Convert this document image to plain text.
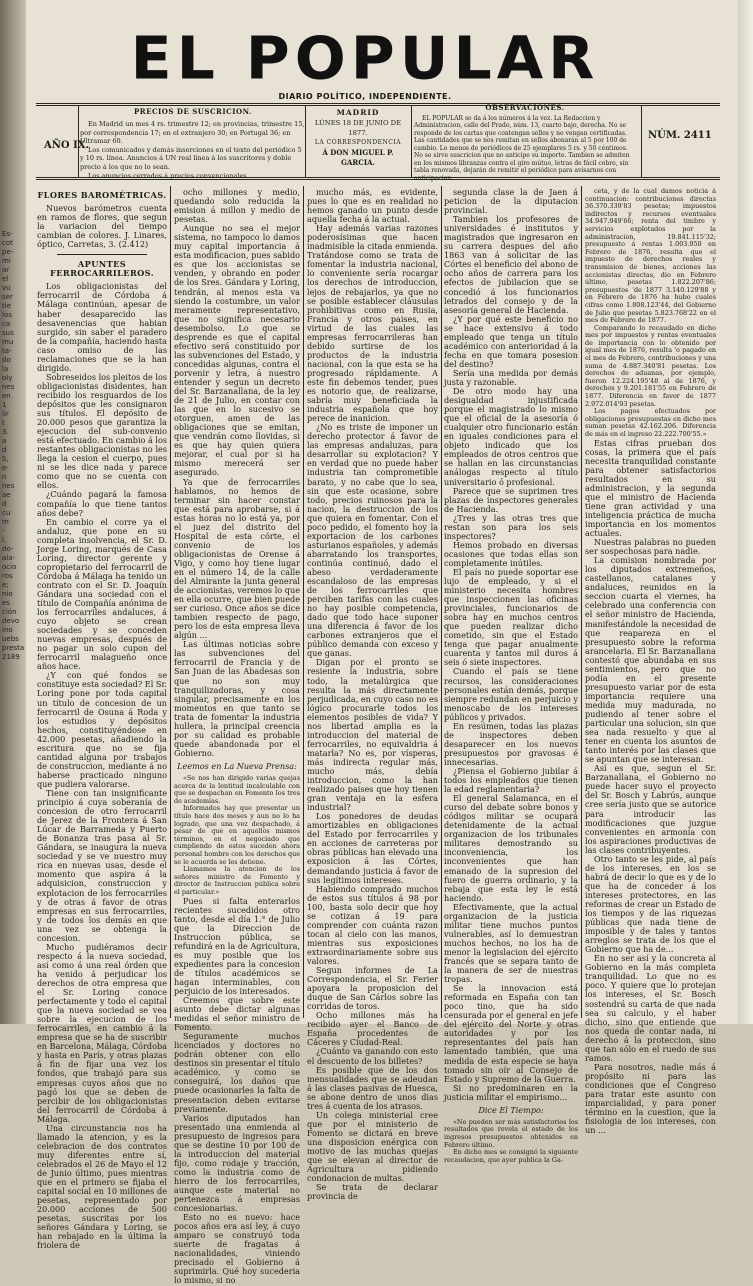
Es-
cot
pe-
mi
ar
el
vu
ser
tie
los
ca
sus
mu
ta-
do
la
oly
nes
en
1
lir
t
3.
a
d
S,
e-
n
nes
ae
d
cu
m
-
i,
do-
ala-
ocio
ros
e;
nio
es
ción
devo
ino
uebs
presta
2189
EL POPULAR
DIARIO POLÍTICO, INDEPENDIENTE.
AÑO IX.
PRECIOS DE SUSCRICION.

En Madrid un mes 4 rs. trimestre 12; en provincias, trimestre 15, por correspondencia 17; en el extranjero 30; en Portugal 36; en Ultramar 60.

Los comunicados y demás inserciones en el texto del periódico 5 y 10 rs. línea. Anuncios á UN real línea á los suscritores y doble precio á los que no lo sean.

Los anuncios cerrados á precios convencionales.

MADRID
LÚNES 18 DE JUNIO DE 1877.
LA CORRESPONDENCIA
Á DON MIGUEL P. GARCIA.
OBSERVACIONES.

EL POPULAR se da á los números á la vez. La Redaccion y Administracion, calle del Prado, núm. 13, cuarto bajo, derecha. No se responde de los cartas que contengan sellos y no vengan certificadas. Las cantidades que se nos remitan en sellos abonarán al 5 por 100 de cambio. Lo menos de periódicos de 25 ejemplares 5 rs. y 50 céntimos. No se sirve suscricion que no anticipe su importe. Tambien se admiten en los mismos libranzas contra el giro mútuo, letras de fácil cobro, sin tabla renovada, dejarán de remitir el periódico para avisarnos con anticipacion.

NÚM. 2411
FLORES BAROMÉTRICAS.

Nuevos barómetros cuenta en ramos de flores, que segun la variacion del tiempo cambian de colores. J. Linares, óptico, Carretas, 3. (2.412)

APUNTES FERROCARRILEROS.

Los obligacionistas del ferrocarril de Córdoba á Málaga continúan, apesar de haber desaparecido las desavenencias que habian surgido, sin saber el paradero de la compañía, haciendo hasta caso omiso de las reclamaciones que se la han dirigido.

Sobreseidos los pleitos de los obligacionistas disidentes, han recibido los resguardos de los depósitos que les consignaron sus títulos. El depósito de 20.000 pesos que garantiza la ejecucion del sub-convenio está efectuado. En cambio á los restantes obligacionistas no les llega la cesion el cuerpo, pues ni se les dice nada y parece como que no se cuenta con ellos.

¿Cuándo pagará la famosa compañía lo que tiene tantos años debe?

En cambio el corre ya el andaluz, que pone en su completa insolvencia, el Sr. D. Jorge Loring, marqués de Casa Loring, director gerente y copropietario del ferrocarril de Córdoba á Málaga ha tenido un contrato con el Sr. D. Joaquín Gándara una sociedad con el título de Compañía anónima de los ferrocarriles andaluces, á cuyo objeto se crean sociedades y se conceden nuevas empresas, después de no pagar un solo cupon del ferrocarril malagueño once años hace.

¿Y con qué fondos se constituye esta sociedad? El Sr. Loring pone por toda capital un título de concesion de un ferrocarril de Osuna á Roda y los estudios y depósitos hechos, constituyéndose en 42.000 pesetas, añadiendo la escritura que no se fija cantidad alguna por trabajos de construccion, mediante á no haberse practicado ninguno que pudiera valorarse.

Tiene con tan insignificante principio á cuya soberanía de concesion de otro ferrocarril de Jerez de la Frontera á San Lúcar de Barrameda y Puerto de Bonanza tras pasa al Sr. Gándara, se inaugura la nueva sociedad y se ve nuestro muy rica en nuevas usas, desde el momento que aspira á la adquisicion, construccion y explotacion de los ferrocarriles y de otras á favor de otras empresas en sus ferrocarriles, y de todos los demás en que una vez se obtenga la concesion.

Mucho pudiéramos decir respecto á la nueva sociedad, así como á una real órden que ha venido á perjudicar los derechos de otra empresa que el Sr. Loring conoce perfectamente y todo el capital que la nueva sociedad se vea sobre la ejecucion de los ferrocarriles, en cambio á la empresa que se ha de suscribir en Barcelona, Málaga, Córdoba y hasta en París, y otras plazas á fin de fijar una vez los fondos, que trabajó para sus empresas cuyos años que no pagó los que se deben de percibir de los obligacionistas del ferrocarril de Córdoba á Málaga.

Una circunstancia nos ha llamado la atencion, y es la celebracion de dos contratos muy diferentes entre sí, celebrados el 26 de Mayo el 12 de Junio último, pues mientras que en el primero se fijaba el capital social en 10 millones de pesetas, representado por 20.000 acciones de 500 pesetas, suscritas por los señores Gándara y Loring, se han rebajado en la última la friolera de

ocho millones y medio, quedando solo reducida la emision á millon y medio de pesetas.

Aunque no sea el mejor sistema, no tampoco lo damos muy capital importancia á esta modificacion, pues sabido es que los accionistas se venden, y obrando en poder de los Sres. Gándara y Loring, tendrán, al menos esta va siendo la costumbre, un valor meramente representativo, que no significa necesario desembolso. Lo que se desprende es que el capital efectivo será constituido por las subvenciones del Estado, y concedidas algunas, contra el porvenir y letra, á nuestro entender y segun un decreto del Sr. Barzanallana, de la ley de 21 de Julio, en contar con las que en lo sucesivo se otorguen, amen de las obligaciones que se emitan, que vendrán como llovidas, si es que hay quien quiera mejorar, el cual por si ha mismo merecerá ser asegurado.

Ya que de ferrocarriles hablamos, no hemos de terminar sin hacer constar que está para aprobarse, si á estas horas no lo está ya, por el juez del distrito del Hospital de esta córte, el convenio de los obligacionistas de Orense á Vigo, y como hoy tiene lugar en el número 14, de la calle del Almirante la junta general de accionistas, veremos lo que en ella ocurre, que bien puede ser curioso. Once años se dice tambien respecto de pago, pero los de esta empresa lleva algún ...

Las últimas noticias sobre las subvenciones del ferrocarril de Francia y de San Juan de las Abadesas son que no son muy tranquilizadoras, y cosa singular, precisamente en los momentos en que tanto se trata de fomentar la industria hullera, la principal creencia por su calidad es probable quede abandonada por el Gobierno.

Leemos en La Nueva Prensa:

«Se nos han dirigido varias quejas acerca de la lentitud incalculable con que se despachan en Fomento los tres de academias.

Informados hay que presentar un título hace dos meses y aun no lo ha logrado, que una vez despachado, á pesar de que en aquellos mismos términos, en el negociado que cumpliendo de estos suceden ahora personal hombre con los derechos que se le acuerda se les detiene.

Llamamos la atencion de los señores ministro de Fomento y director de Instruccion pública sobre el particular.»

Pues si falta enterarlos recientes sucedidos otro tanto, desde el día 1.° de Julio que la Direccion de Instruccion pública, se refundirá en la de Agricultura, es muy posible que los expedientes para la concesion de títulos académicos se hagan interminables, con perjuicio de los interesados.

Creemos que sobre este asunto debe dictar algunas medidas el señor ministro de Fomento.

Seguramente muchos licenciados y doctores no podrán obtener con ello destinos sin presentar el título académico, y como se conseguirá, los daños que puede ocasionarles la falta de presentacion deben evitarse previamente.

Varios diputados han presentado una enmienda al presupuesto de ingresos para que se destine 10 por 100 de la introduccion del material fijo, como rodaje y tracción, como la industria como de hierro de los ferrocarriles, aunque este material no pertenezca á empresas concesionarias.

Esto no es nuevo: hace pocos años era así ley, á cuyo amparo se construyó toda suerte de fragatas á nacionalidades, viniendo precisado el Gobierno á suprimirla. Qué hoy sucederia lo mismo, si no

mucho más, es evidente, pues lo que es en realidad no hemos ganado un punto desde aquella fecha á la actual.

Hay además varias razones poderosísimas que hacen inadmisible la citada enmienda. Tratándose como se trata de fomentar la industria nacional, lo conveniente sería rocargar los derechos de introduccion, lejos de rebajarlos, ya que no se posible establecer cláusulas prohibitivas como en Rusia, Francia y otros paises, en virtud de las cuales las empresas ferrocarrileras han debido surtirse de los productos de la industria nacional, con la que esta se ha progresado rápidamente. A este fin debemos tender, pues es notorio que, de realizarse, sabría muy beneficiada la industria española que hoy perece de inanicion.

¿No es triste de imponer un derecho protector á favor de las empresas andaluzas, para desarrollar su explotacion? Y en verdad que no puede haber industria tan comprometible barato, y no cabe que lo sea, sin que este ocasione, sobre todo, precios ruinosos para la nacion, la destruccion de los que quiera en fomentar. Con el poco pedido, el fomento hoy la exportacion de los carbones asturianos españoles, y además abarratando los transportes, continúa continuó, dado el abeso verdaderamente escandaloso de las empresas de los ferrocarriles que perciben tarifas con las cuales no hay posible competencia, dado que todo hace suponer una diferencia á favor de los carbones extranjeros que el público demanda con exceso y que ganas.

Digan por el pronto se resiente la industria, sobre todo, la metalúrgica que resulta la más directamente perjudicada, en cuyo caso no es lógico procurarle todos los elementos posibles de vida? Y nos libertad amplia es la introduccion del material de ferrocarriles, no equivaldria á matarla? No es, por vísperas, más indirecta regular más, mucho más, debía introduccion, como la han realizado paises que hoy tienen gran ventaja en la esfera industrial?

Los ponedores de deudas amortizables en obligaciones del Estado por ferrocarriles y en acciones de carreteras por obras públicas han elevado una exposicion á las Córtes, demandando justicia á favor de sus legítimos intereses.

Habiendo comprado muchos de estos sus títulos á 98 por 100, basta solo decir que hoy se cotizan á 19 para comprender con cuánta razon tocan al cielo con las manos, mientras sus exposiciones extraordinariamente sobre sus valores.

Segun informes de La Correspondencia, el Sr. Ferier apoyara la proposicion del duque de San Cárlos sobre las corridas de toros.

Ocho millones más ha recibido ayer el Banco de España procedentes de Cáceres y Ciudad-Real.

¿Cuánto va ganando con esto el descuento de los billetes?

Es posible que de los dos mensualidades que se adeudan á las clases pasivas de Huesca, se abone dentro de unos dias tres á cuenta de los atrasos.

Un colega ministerial cree que por el ministerio de Fomento se dictará en breve una disposicion enérgica con motivo de las muchas quejas que se elevan al director de Agricultura pidiendo condonacion de multas.

Se trata de declarar provincia de

segunda clase la de Jaen á peticion de la diputacion provincial.

Tambien los profesores de universidades é institutos y magistrados que ingresaron en su carrera despues del año 1863 van á solicitar de las Córtes el beneficio del abono de ocho años de carrera para los efectos de jubilacion que se concedió á los funcionarios letrados del consejo y de la asesoría general de Hacienda.

¿Y por qué este beneficio no se hace extensivo á todo empleado que tenga un título académico con anterioridad á la fecha en que tomara posesion del destino?

Sería una medida por demás justa y razonable.

De otro modo hay una desigualdad injustificada porque el magistrado lo mismo que el oficial de la asesoría ó cualquier otro funcionario están en iguales condiciones para el objeto indicado que los empleados de otros centros que se hallan en las circunstancias análogas respecto al título universitario ó profesional.

Parece que se suprimen tres plazas de inspectores generales de Hacienda.

¿Tres y las otras tres que restan son para los seis inspectores?

Hemos probado en diversas ocasiones que todas ellas son completamente inútiles.

El país no puede soportar ese lujo de empleado, y si el ministerio necesita hombres que inspeccionen las oficinas provinciales, funcionarios de sobra hay en muchos centros que pueden realizar dicho cometido, sin que el Estado tenga que pagar anualmente cuarenta y tantos mil duros á seis ó siete inspectores.

Cuando el país se tiene recursos, las consideraciones personales están demás, porque siempre redundan en perjuicio y menoscabo de los intereses públicos y privados.

En resúmen, todas las plazas de inspectores deben desaparecer en los nuevos presupuestos por gravosas é innecesarias.

¿Piensa el Gobierno jubilar á todos los empleados que tienen la edad reglamentaria?

El general Salamanca, en el curso del debate sobre bonos y códigos militar se ocupará detenidamente de la actual organizacion de los tribunales militares demostrando su inconveniencia, los inconvenientes que han emanado de la supresion del fuero de guerra ordinario, y la rebaja que esta ley le está haciendo.

Efectivamente, que la actual organizacion de la justicia militar tiene muchos puntos vulnerables, así lo demuestran muchos hechos, no los ha de menor la legislacion del ejército francés que se separa tanto de la manera de ser de nuestras tropas.

Se la innovacion está reformada en España con tan poco tino, que ha sido censurada por el general en jefe del ejército del Norte y otras autoridades y por los representantes del país han lamentado también, que una medida de esta especie se haya tomado sin oír al Consejo de Estado y Supremo de la Guerra.

Si no predominaren en la justicia militar el empirismo...

Dice El Tiempo:

«No pueden ser más satisfactorios los resultados que revela el estado de los ingresos presupuestos obtenidos en Febrero último.

En dicho mes se consignó la siguiente recaudacion, que ayer publica la Ga-

ceta, y de la cual damos noticia á continuacion: contribuciones directas 36.370.339'83 pesetas; impuestos indirectos y recursos eventuales 34.947.949'66; renta del timbre y servicios explotados por la administracion, 19.841.115'32; presupuesto á rentas 1.003.950 en Febrero de 1876, resulta que el impuesto de derechos reales y transmision de bienes, acciones las accionistas directas, dio en Febrero último, pesetas 1.822.207'86; presupuestos 'de 1877 3.140.129'88 y en Febrero de 1876 ha hubo cuales cifras como 1.808.123'44, del Gobierno de Julio que pesetas 5.823.768'22 en el mes de Febrero de 1877.

Comparando lo recaudado en dicho mes por impuestos y rentas eventuales de importancia con lo obtenido por igual mes de 1876, resulta 'o pagado en el mes de Febrero, contribuciones y una suma de 4.887.340'81 pesetas. Los derechos de aduanas, por ejemplo, fueron 12.224.195'48 al de 1876, y derechos y 9.201.181'55 en Febrero de 1877. Diferencia en favor de 1877 2.972.014'93 pesetas.

Los pagos efectuados por obligaciones presupuestas en dicho mes suman pesetas 42.162.206. Diferencia de más en el ingreso 22.222.700'55.»

Estas cifras prueban dos cosas, la primera que el país necesita tranquilidad constante para obtener satisfactorios resultados en su administracion, y la segunda que el ministro de Hacienda tiene gran actividad y una inteligencia práctica de mucha importancia en los momentos actuales.

Nuestras palabras no pueden ser sospechosas para nadie.

La comision nombrada por los diputados extremeños, castellanos, catalanes y andaluces, reunidos en la seccion cuarta el viernes, ha celebrado una conferencia con el señor ministro de Hacienda, manifestándole la necesidad de que reapareza en el presupuesto sobre la reforma arancelaria. El Sr. Barzanallana contestó que abundaba en sus sentimientos, pero que no podía en el presente presupuesto variar por de esta importancia requiere una medida muy madurada, no pudiendo al tener sobre el particular una solucion, sin que sea nada resuelto y que al tener en cuenta los asuntos de tanto interés por las clases que se apuntan que se interesan.

Así es que, segun el Sr. Barzanallana, el Gobierno no puede hacer suyo el proyecto del Sr. Bosch y Labrús, aunque cree sería justo que se autorice para introducir las modificaciones que juzgue convenientes en armonía con los aspiraciones productivas de las clases contribuyentes.

Otro tanto se les pide, al país de los intereses, en los se habrá de decir lo que es y de lo que ha de conceder á los intereses protectores, en las reformas de crear un Estado de los tiempos y de las riquezas públicas que nada tiene de imposible y de tales y tantos arreglos se trata de los que el Gobierno que ha de...

En no ser así y la concreta al Gobierno en la más completa tranquilidad. Lo que no es poco. Y quiere que lo protejan los intereses, el Sr. Bosch sostendrá su carta de que nada sea su calculo, y el haber dicho, sino que entiende que nos queda de contar nada, ni derecho á la proteccion, sino que tan sólo en el ruedo de sus ramos.

Para nosotros, nadie más á propósito ni para las condiciones que el Congreso para tratar este asunto con imparcialidad, y para poner término en la cuestion, que la fisiologia de los intereses, con un ...
